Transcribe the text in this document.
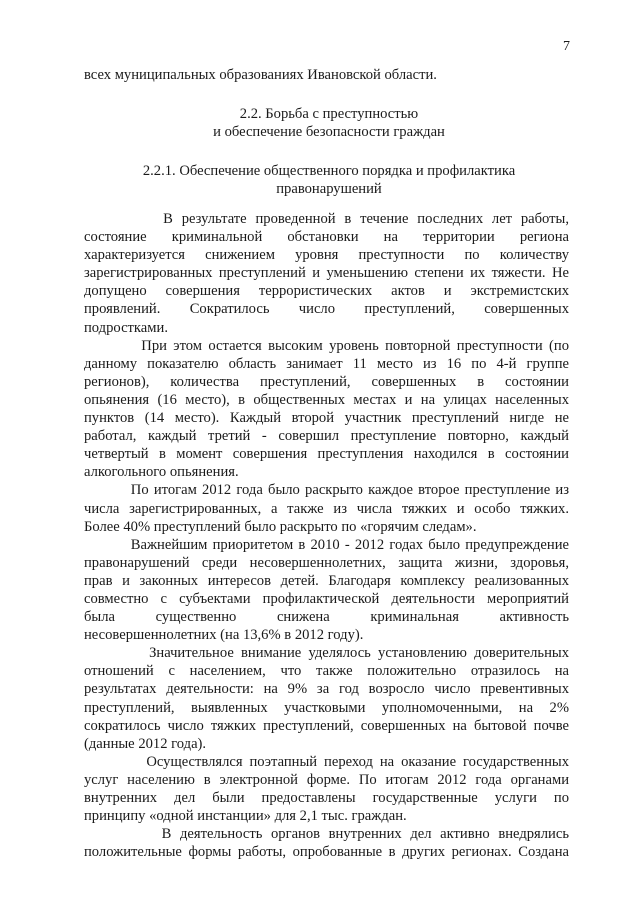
7
всех муниципальных образованиях Ивановской области.
2.2. Борьба с преступностью
и обеспечение безопасности граждан
2.2.1. Обеспечение общественного порядка и профилактика
правонарушений
В результате проведенной в течение последних лет работы,
состояние криминальной обстановки на территории региона
характеризуется снижением уровня преступности по количеству
зарегистрированных преступлений и уменьшению степени их тяжести. Не
допущено совершения террористических актов и экстремистских
проявлений. Сократилось число преступлений, совершенных
подростками.
При этом остается высоким уровень повторной преступности (по
данному показателю область занимает 11 место из 16 по 4-й группе
регионов), количества преступлений, совершенных в состоянии
опьянения (16 место), в общественных местах и на улицах населенных
пунктов (14 место). Каждый второй участник преступлений нигде не
работал, каждый третий - совершил преступление повторно, каждый
четвертый в момент совершения преступления находился в состоянии
алкогольного опьянения.
По итогам 2012 года было раскрыто каждое второе преступление из
числа зарегистрированных, а также из числа тяжких и особо тяжких.
Более 40% преступлений было раскрыто по «горячим следам».
Важнейшим приоритетом в 2010 - 2012 годах было предупреждение
правонарушений среди несовершеннолетних, защита жизни, здоровья,
прав и законных интересов детей. Благодаря комплексу реализованных
совместно с субъектами профилактической деятельности мероприятий
была существенно снижена криминальная активность
несовершеннолетних (на 13,6% в 2012 году).
Значительное внимание уделялось установлению доверительных
отношений с населением, что также положительно отразилось на
результатах деятельности: на 9% за год возросло число превентивных
преступлений, выявленных участковыми уполномоченными, на 2%
сократилось число тяжких преступлений, совершенных на бытовой почве
(данные 2012 года).
Осуществлялся поэтапный переход на оказание государственных
услуг населению в электронной форме. По итогам 2012 года органами
внутренних дел были предоставлены государственные услуги по
принципу «одной инстанции» для 2,1 тыс. граждан.
В деятельность органов внутренних дел активно внедрялись
положительные формы работы, опробованные в других регионах. Создана
